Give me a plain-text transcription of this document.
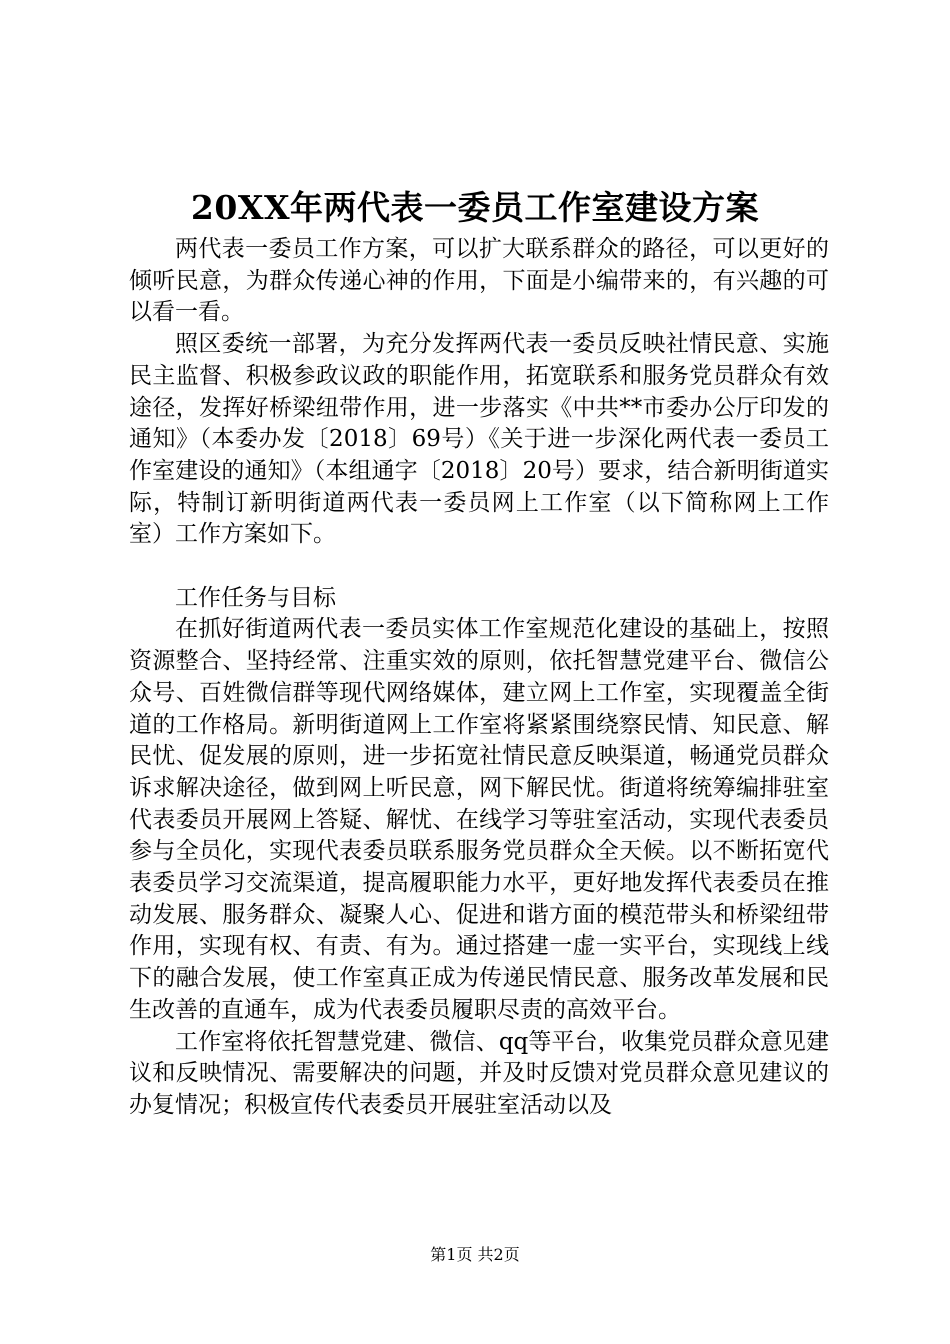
20XX年两代表一委员工作室建设方案

两代表一委员工作方案，可以扩大联系群众的路径，可以更好的倾听民意，为群众传递心神的作用，下面是小编带来的，有兴趣的可以看一看。

照区委统一部署，为充分发挥两代表一委员反映社情民意、实施民主监督、积极参政议政的职能作用，拓宽联系和服务党员群众有效途径，发挥好桥梁纽带作用，进一步落实《中共**市委办公厅印发的通知》（本委办发〔2018〕69号）《关于进一步深化两代表一委员工作室建设的通知》（本组通字〔2018〕20号）要求，结合新明街道实际，特制订新明街道两代表一委员网上工作室（以下简称网上工作室）工作方案如下。

工作任务与目标

在抓好街道两代表一委员实体工作室规范化建设的基础上，按照资源整合、坚持经常、注重实效的原则，依托智慧党建平台、微信公众号、百姓微信群等现代网络媒体，建立网上工作室，实现覆盖全街道的工作格局。新明街道网上工作室将紧紧围绕察民情、知民意、解民忧、促发展的原则，进一步拓宽社情民意反映渠道，畅通党员群众诉求解决途径，做到网上听民意，网下解民忧。街道将统筹编排驻室代表委员开展网上答疑、解忧、在线学习等驻室活动，实现代表委员参与全员化，实现代表委员联系服务党员群众全天候。以不断拓宽代表委员学习交流渠道，提高履职能力水平，更好地发挥代表委员在推动发展、服务群众、凝聚人心、促进和谐方面的模范带头和桥梁纽带作用，实现有权、有责、有为。通过搭建一虚一实平台，实现线上线下的融合发展，使工作室真正成为传递民情民意、服务改革发展和民生改善的直通车，成为代表委员履职尽责的高效平台。

工作室将依托智慧党建、微信、qq等平台，收集党员群众意见建议和反映情况、需要解决的问题，并及时反馈对党员群众意见建议的办复情况；积极宣传代表委员开展驻室活动以及

第1页 共2页
